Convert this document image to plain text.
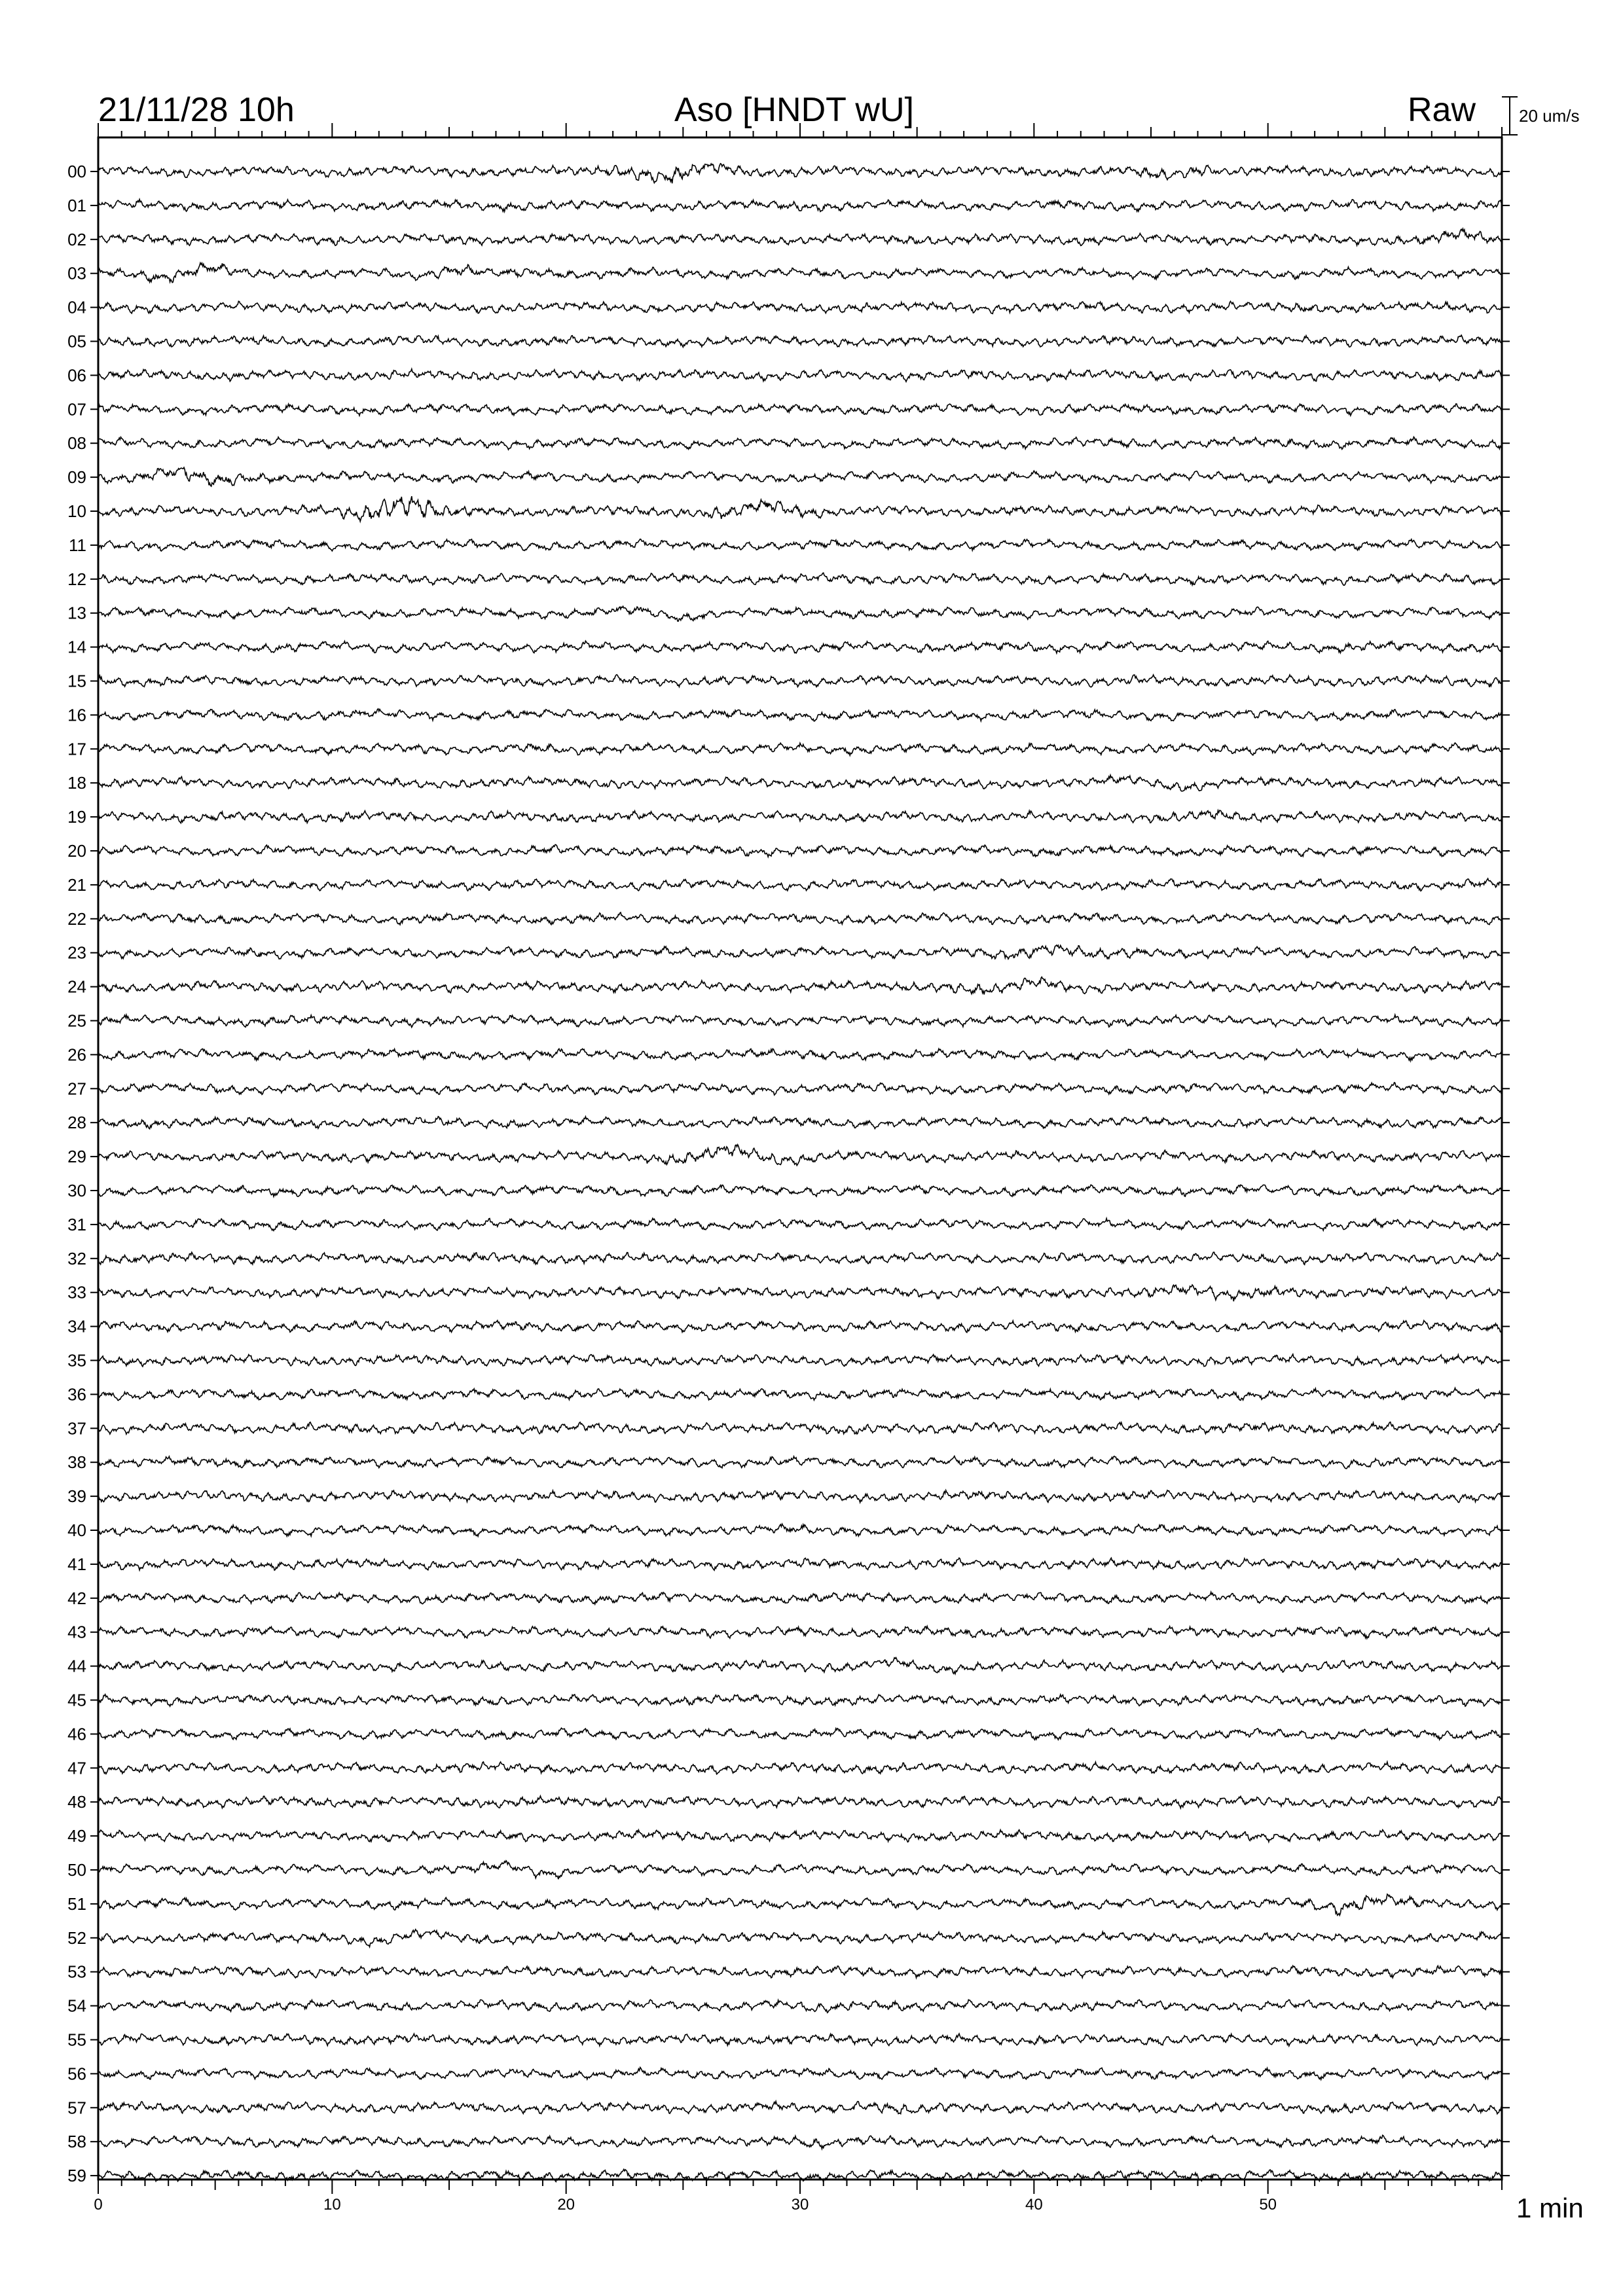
21/11/28 10h	Aso [HNDT wU]	Raw	20 um/s
1 min
00
01
02
03
04
05
06
07
08
09
10
11
12
13
14
15
16
17
18
19
20
21
22
23
24
25
26
27
28
29
30
31
32
33
34
35
36
37
38
39
40
41
42
43
44
45
46
47
48
49
50
51
52
53
54
55
56
57
58
59
0	10	20	30	40	50
